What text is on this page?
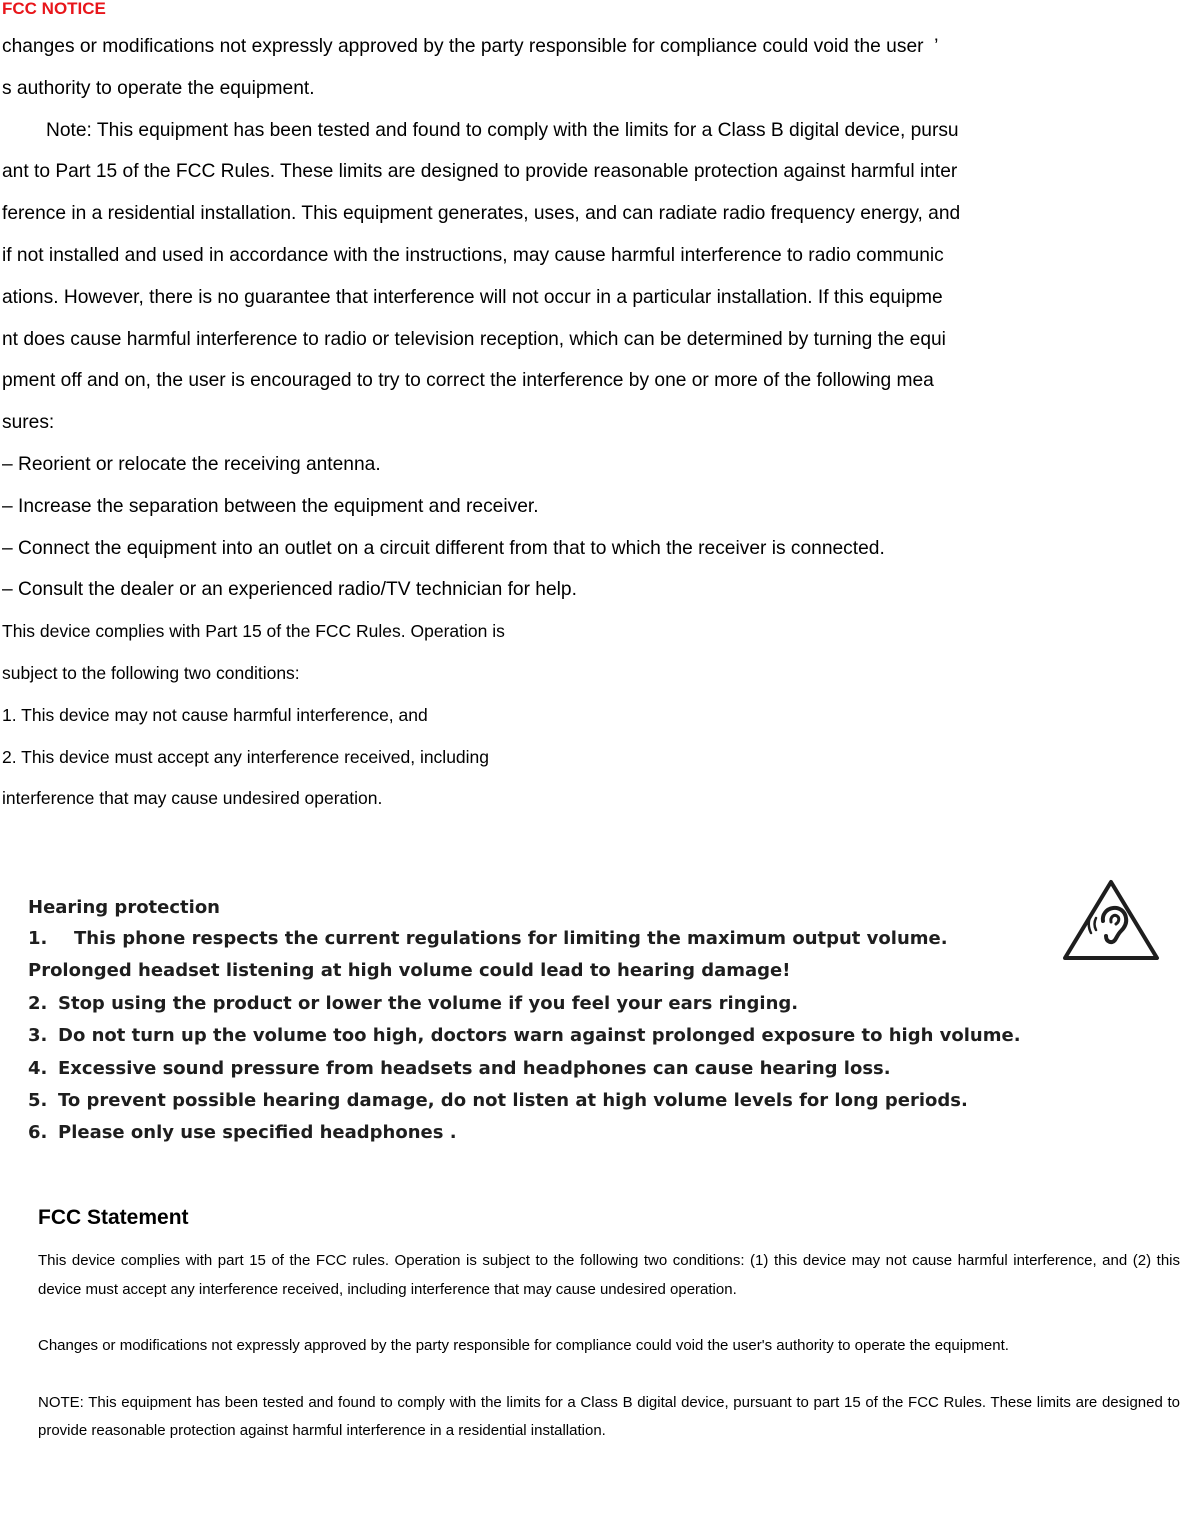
FCC NOTICE
changes or modifications not expressly approved by the party responsible for compliance could void the user  ’
s authority to operate the equipment.
Note: This equipment has been tested and found to comply with the limits for a Class B digital device, pursu
ant to Part 15 of the FCC Rules. These limits are designed to provide reasonable protection against harmful inter
ference in a residential installation. This equipment generates, uses, and can radiate radio frequency energy, and
if not installed and used in accordance with the instructions, may cause harmful interference to radio communic
ations. However, there is no guarantee that interference will not occur in a particular installation. If this equipme
nt does cause harmful interference to radio or television reception, which can be determined by turning the equi
pment off and on, the user is encouraged to try to correct the interference by one or more of the following mea
sures:
– Reorient or relocate the receiving antenna.
– Increase the separation between the equipment and receiver.
– Connect the equipment into an outlet on a circuit different from that to which the receiver is connected.
– Consult the dealer or an experienced radio/TV technician for help.
This device complies with Part 15 of the FCC Rules. Operation is
subject to the following two conditions:
1. This device may not cause harmful interference, and
2. This device must accept any interference received, including
interference that may cause undesired operation.
Hearing protection
1. This phone respects the current regulations for limiting the maximum output volume.
Prolonged headset listening at high volume could lead to hearing damage!
2. Stop using the product or lower the volume if you feel your ears ringing.
3. Do not turn up the volume too high, doctors warn against prolonged exposure to high volume.
4. Excessive sound pressure from headsets and headphones can cause hearing loss.
5. To prevent possible hearing damage, do not listen at high volume levels for long periods.
6. Please only use specified headphones .
FCC Statement

This device complies with part 15 of the FCC rules. Operation is subject to the following two conditions: (1) this device may not cause harmful interference, and (2) this device must accept any interference received, including interference that may cause undesired operation.

Changes or modifications not expressly approved by the party responsible for compliance could void the user's authority to operate the equipment.

NOTE: This equipment has been tested and found to comply with the limits for a Class B digital device, pursuant to part 15 of the FCC Rules. These limits are designed to provide reasonable protection against harmful interference in a residential installation.
